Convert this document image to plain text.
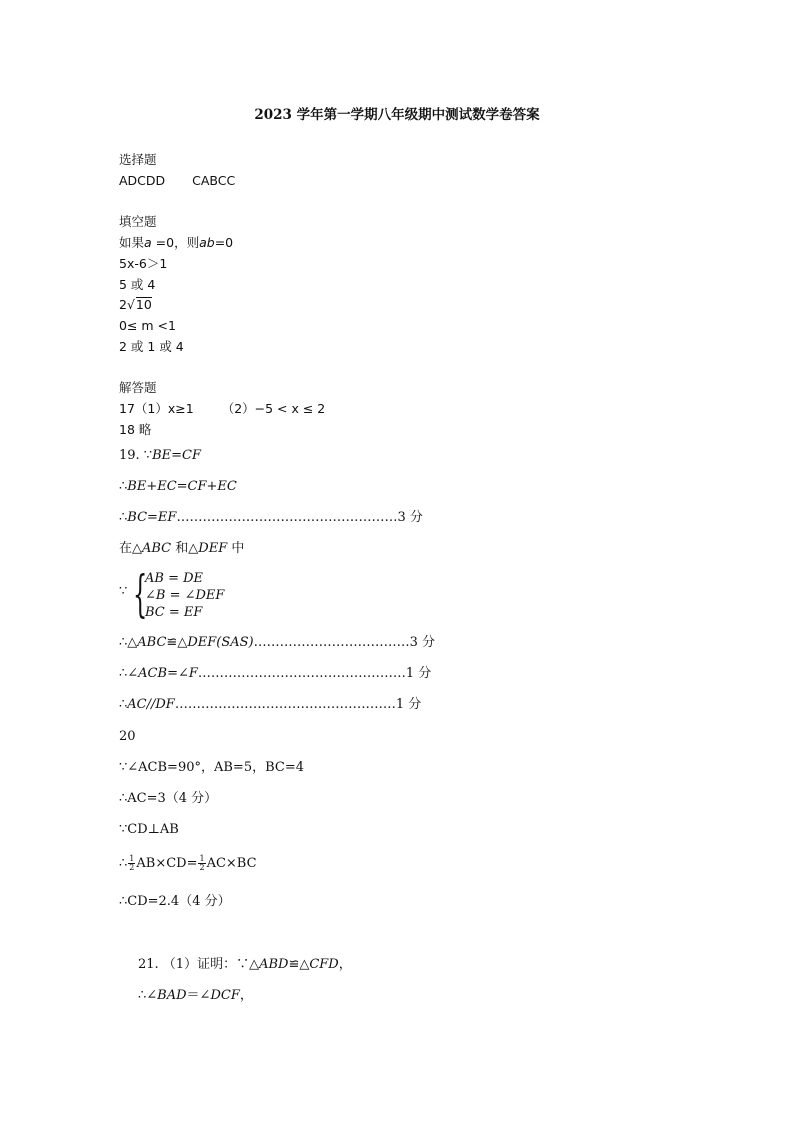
2023 学年第一学期八年级期中测试数学卷答案
选择题
ADCDD CABCC
填空题
如果a =0，则ab=0
5x-6＞1
5 或 4
2√10
0≤ m <1
2 或 1 或 4
解答题
17（1）x≥1 （2）−5 < x ≤ 2
18 略
19. ∵BE=CF
∴BE+EC=CF+EC
∴BC=EF……………………………………………3 分
在△ABC 和△DEF 中
∵ {
AB = DE
∠B = ∠DEF
BC = EF
∴△ABC≌△DEF(SAS)………………………………3 分
∴∠ACB=∠F…………………………………………1 分
∴AC//DF……………………………………………1 分
20
∵∠ACB=90°，AB=5，BC=4
∴AC=3（4 分）
∵CD⊥AB
∴ $\frac{1}{2} AB\times CD= \frac{1}{2} AC\times BC$
∴CD=2.4（4 分）
21. （1）证明：∵△ABD≌△CFD，
∴∠BAD＝∠DCF，
